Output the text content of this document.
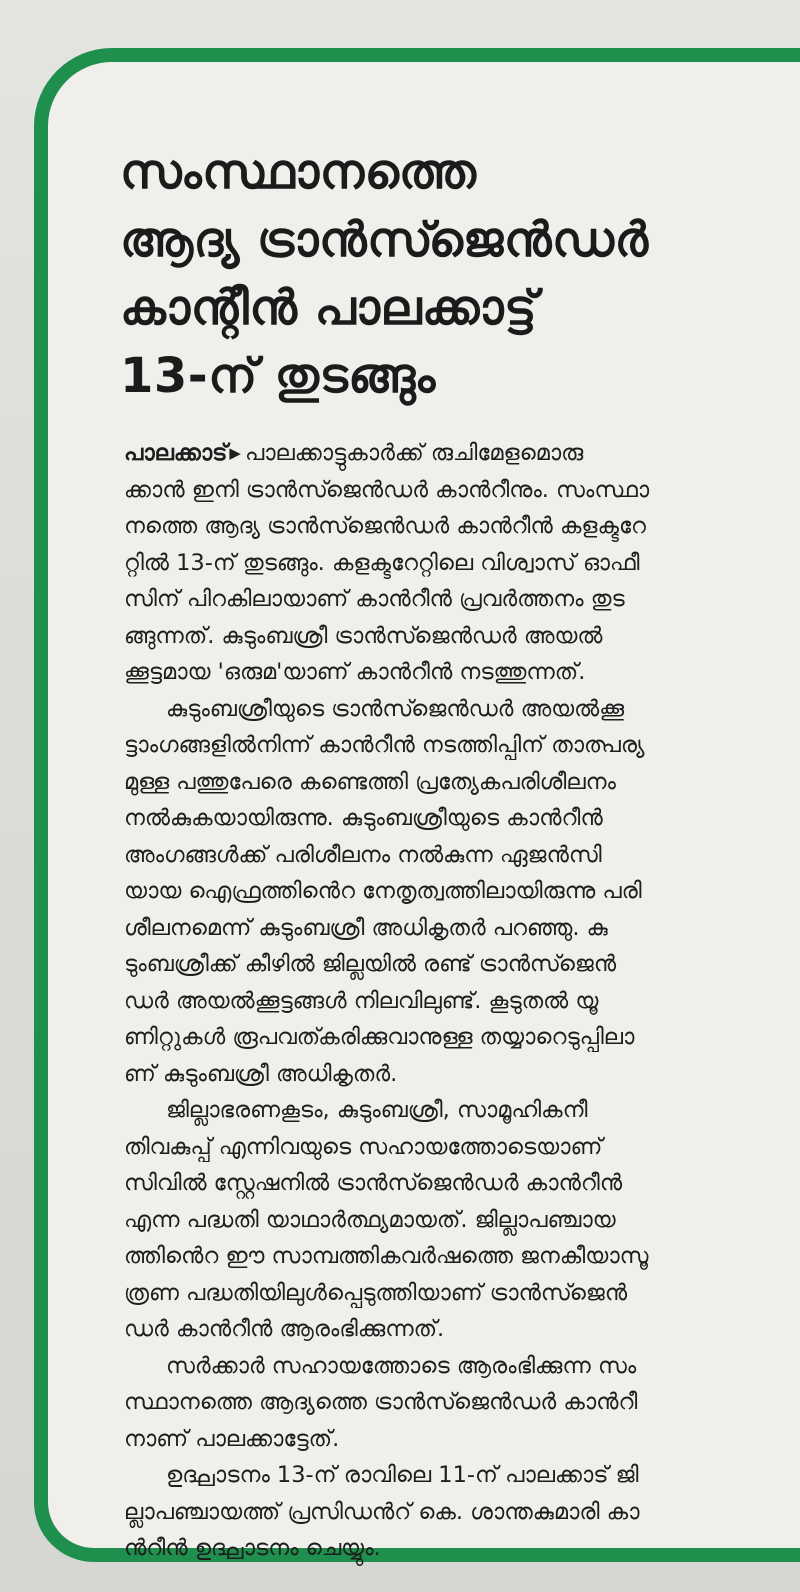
സംസ്ഥാനത്തെ
ആദ്യ ട്രാൻസ്ജെൻഡർ
കാന്റീൻ പാലക്കാട്ട്
13-ന് തുടങ്ങും
പാലക്കാട് ▶ പാലക്കാട്ടുകാർക്ക് രുചിമേളമൊരു
ക്കാൻ ഇനി ട്രാൻസ്ജെൻഡർ കാൻറീനും. സംസ്ഥാ
നത്തെ ആദ്യ ട്രാൻസ്ജെൻഡർ കാൻറീൻ കളക്ടറേ
റ്റിൽ 13-ന് തുടങ്ങും. കളക്ടറേറ്റിലെ വിശ്വാസ് ഓഫീ
സിന് പിറകിലായാണ് കാൻറീൻ പ്രവർത്തനം തുട
ങ്ങുന്നത്. കുടുംബശ്രീ ട്രാൻസ്ജെൻഡർ അയൽ
ക്കൂട്ടമായ 'ഒരുമ'യാണ് കാൻറീൻ നടത്തുന്നത്.
കുടുംബശ്രീയുടെ ട്രാൻസ്ജെൻഡർ അയൽക്കൂ
ട്ടാംഗങ്ങളിൽനിന്ന് കാൻറീൻ നടത്തിപ്പിന് താത്പര്യ
മുള്ള പത്തുപേരെ കണ്ടെത്തി പ്രത്യേകപരിശീലനം
നൽകുകയായിരുന്നു. കുടുംബശ്രീയുടെ കാൻറീൻ
അംഗങ്ങൾക്ക് പരിശീലനം നൽകുന്ന ഏജൻസി
യായ ഐഫ്രത്തിൻെറ നേതൃത്വത്തിലായിരുന്നു പരി
ശീലനമെന്ന് കുടുംബശ്രീ അധികൃതർ പറഞ്ഞു. കു
ടുംബശ്രീക്ക് കീഴിൽ ജില്ലയിൽ രണ്ട് ട്രാൻസ്ജെൻ
ഡർ അയൽക്കൂട്ടങ്ങൾ നിലവിലുണ്ട്. കൂടുതൽ യൂ
ണിറ്റുകൾ രൂപവത്കരിക്കുവാനുള്ള തയ്യാറെടുപ്പിലാ
ണ് കുടുംബശ്രീ അധികൃതർ.
ജില്ലാഭരണകൂടം, കുടുംബശ്രീ, സാമൂഹികനീ
തിവകുപ്പ് എന്നിവയുടെ സഹായത്തോടെയാണ്
സിവിൽ സ്റ്റേഷനിൽ ട്രാൻസ്ജെൻഡർ കാൻറീൻ
എന്ന പദ്ധതി യാഥാർത്ഥ്യമായത്. ജില്ലാപഞ്ചായ
ത്തിൻെറ ഈ സാമ്പത്തികവർഷത്തെ ജനകീയാസൂ
ത്രണ പദ്ധതിയിലുൾപ്പെടുത്തിയാണ് ട്രാൻസ്ജെൻ
ഡർ കാൻറീൻ ആരംഭിക്കുന്നത്.
സർക്കാർ സഹായത്തോടെ ആരംഭിക്കുന്ന സം
സ്ഥാനത്തെ ആദ്യത്തെ ട്രാൻസ്ജെൻഡർ കാൻറീ
നാണ് പാലക്കാട്ടേത്.
ഉദ്ഘാടനം 13-ന് രാവിലെ 11-ന് പാലക്കാട് ജി
ല്ലാപഞ്ചായത്ത് പ്രസിഡൻറ് കെ. ശാന്തകുമാരി കാ
ൻറീൻ ഉദ്ഘാടനം ചെയ്യും.
